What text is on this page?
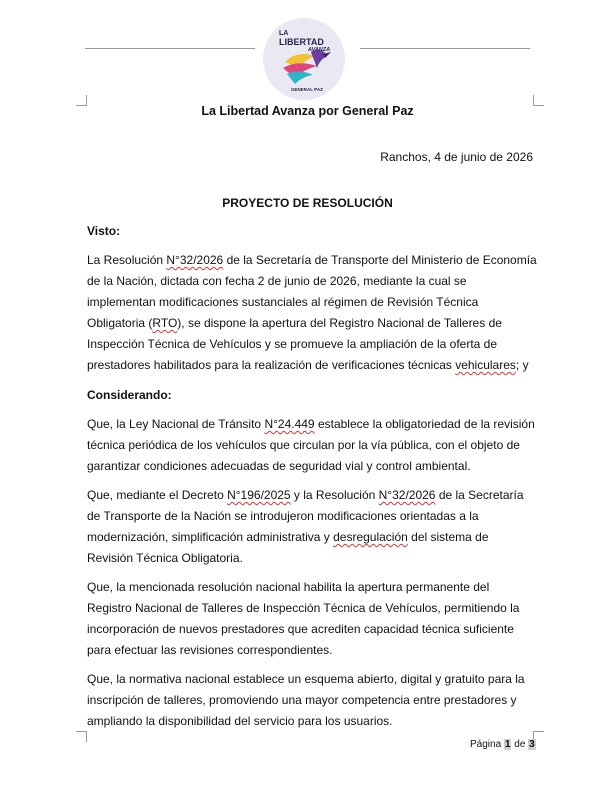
LA
LIBERTAD
AVANZA
GENERAL PAZ
La Libertad Avanza por General Paz
Ranchos, 4 de junio de 2026
PROYECTO DE RESOLUCIÓN
Visto:
La Resolución N°32/2026 de la Secretaría de Transporte del Ministerio de Economía de la Nación, dictada con fecha 2 de junio de 2026, mediante la cual se implementan modificaciones sustanciales al régimen de Revisión Técnica Obligatoria (RTO), se dispone la apertura del Registro Nacional de Talleres de Inspección Técnica de Vehículos y se promueve la ampliación de la oferta de prestadores habilitados para la realización de verificaciones técnicas vehiculares; y
Considerando:
Que, la Ley Nacional de Tránsito N°24.449 establece la obligatoriedad de la revisión técnica periódica de los vehículos que circulan por la vía pública, con el objeto de garantizar condiciones adecuadas de seguridad vial y control ambiental.
Que, mediante el Decreto N°196/2025 y la Resolución N°32/2026 de la Secretaría de Transporte de la Nación se introdujeron modificaciones orientadas a la modernización, simplificación administrativa y desregulación del sistema de Revisión Técnica Obligatoria.
Que, la mencionada resolución nacional habilita la apertura permanente del Registro Nacional de Talleres de Inspección Técnica de Vehículos, permitiendo la incorporación de nuevos prestadores que acrediten capacidad técnica suficiente para efectuar las revisiones correspondientes.
Que, la normativa nacional establece un esquema abierto, digital y gratuito para la inscripción de talleres, promoviendo una mayor competencia entre prestadores y ampliando la disponibilidad del servicio para los usuarios.
Página 1 de 3
